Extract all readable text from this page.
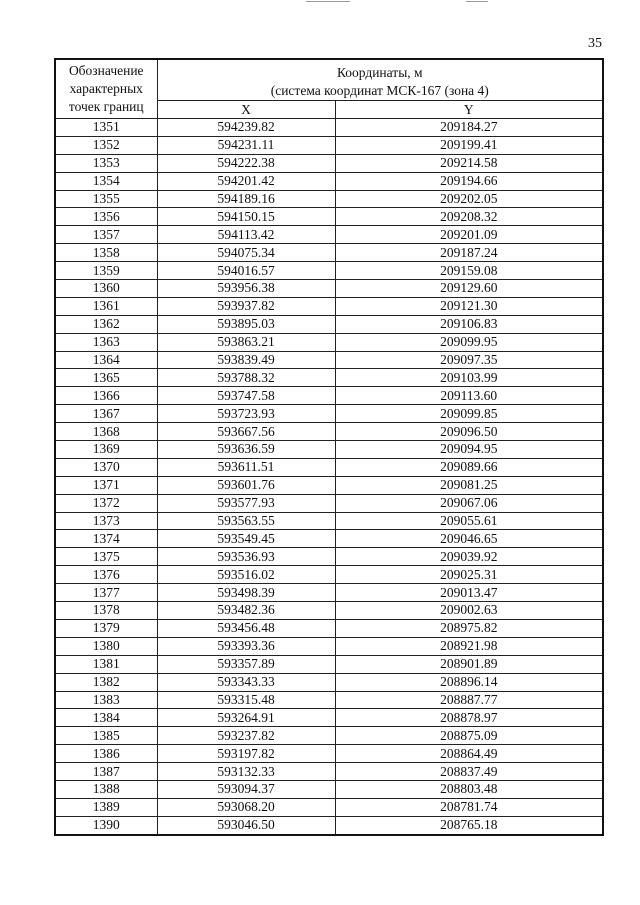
35
Обозначение
характерных
точек границ	Координаты, м
(система координат МСК-167 (зона 4)	

	X	Y
1351	594239.82	209184.27
1352	594231.11	209199.41
1353	594222.38	209214.58
1354	594201.42	209194.66
1355	594189.16	209202.05
1356	594150.15	209208.32
1357	594113.42	209201.09
1358	594075.34	209187.24
1359	594016.57	209159.08
1360	593956.38	209129.60
1361	593937.82	209121.30
1362	593895.03	209106.83
1363	593863.21	209099.95
1364	593839.49	209097.35
1365	593788.32	209103.99
1366	593747.58	209113.60
1367	593723.93	209099.85
1368	593667.56	209096.50
1369	593636.59	209094.95
1370	593611.51	209089.66
1371	593601.76	209081.25
1372	593577.93	209067.06
1373	593563.55	209055.61
1374	593549.45	209046.65
1375	593536.93	209039.92
1376	593516.02	209025.31
1377	593498.39	209013.47
1378	593482.36	209002.63
1379	593456.48	208975.82
1380	593393.36	208921.98
1381	593357.89	208901.89
1382	593343.33	208896.14
1383	593315.48	208887.77
1384	593264.91	208878.97
1385	593237.82	208875.09
1386	593197.82	208864.49
1387	593132.33	208837.49
1388	593094.37	208803.48
1389	593068.20	208781.74
1390	593046.50	208765.18
